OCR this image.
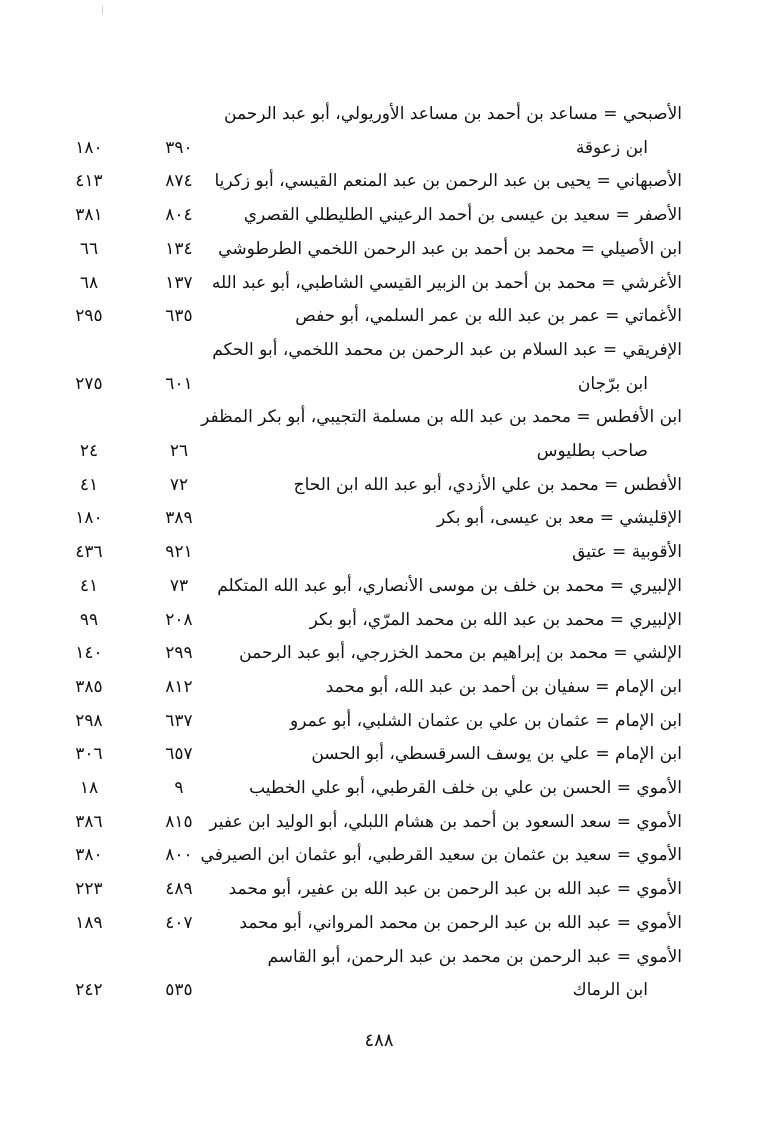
الأصبحي = مساعد بن أحمد بن مساعد الأوريولي، أبو عبد الرحمن
ابن زعوقة
٣٩٠
١٨٠
الأصبهاني = يحيى بن عبد الرحمن بن عبد المنعم القيسي، أبو زكريا
٨٧٤
٤١٣
الأصفر = سعيد بن عيسى بن أحمد الرعيني الطليطلي القصري
٨٠٤
٣٨١
ابن الأصيلي = محمد بن أحمد بن عبد الرحمن اللخمي الطرطوشي
١٣٤
٦٦
الأغرشي = محمد بن أحمد بن الزبير القيسي الشاطبي، أبو عبد الله
١٣٧
٦٨
الأغماتي = عمر بن عبد الله بن عمر السلمي، أبو حفص
٦٣٥
٢٩٥
الإفريقي = عبد السلام بن عبد الرحمن بن محمد اللخمي، أبو الحكم
ابن برّجان
٦٠١
٢٧٥
ابن الأفطس = محمد بن عبد الله بن مسلمة التجيبي، أبو بكر المظفر
صاحب بطليوس
٢٦
٢٤
الأفطس = محمد بن علي الأزدي، أبو عبد الله ابن الحاج
٧٢
٤١
الإقليشي = معد بن عيسى، أبو بكر
٣٨٩
١٨٠
الأقوبية = عتيق
٩٢١
٤٣٦
الإلبيري = محمد بن خلف بن موسى الأنصاري، أبو عبد الله المتكلم
٧٣
٤١
الإلبيري = محمد بن عبد الله بن محمد المرّي، أبو بكر
٢٠٨
٩٩
الإلشي = محمد بن إبراهيم بن محمد الخزرجي، أبو عبد الرحمن
٢٩٩
١٤٠
ابن الإمام = سفيان بن أحمد بن عبد الله، أبو محمد
٨١٢
٣٨٥
ابن الإمام = عثمان بن علي بن عثمان الشلبي، أبو عمرو
٦٣٧
٢٩٨
ابن الإمام = علي بن يوسف السرقسطي، أبو الحسن
٦٥٧
٣٠٦
الأموي = الحسن بن علي بن خلف القرطبي، أبو علي الخطيب
٩
١٨
الأموي = سعد السعود بن أحمد بن هشام اللبلي، أبو الوليد ابن عفير
٨١٥
٣٨٦
الأموي = سعيد بن عثمان بن سعيد القرطبي، أبو عثمان ابن الصيرفي
٨٠٠
٣٨٠
الأموي = عبد الله بن عبد الرحمن بن عبد الله بن عفير، أبو محمد
٤٨٩
٢٢٣
الأموي = عبد الله بن عبد الرحمن بن محمد المرواني، أبو محمد
٤٠٧
١٨٩
الأموي = عبد الرحمن بن محمد بن عبد الرحمن، أبو القاسم
ابن الرماك
٥٣٥
٢٤٢
٤٨٨
